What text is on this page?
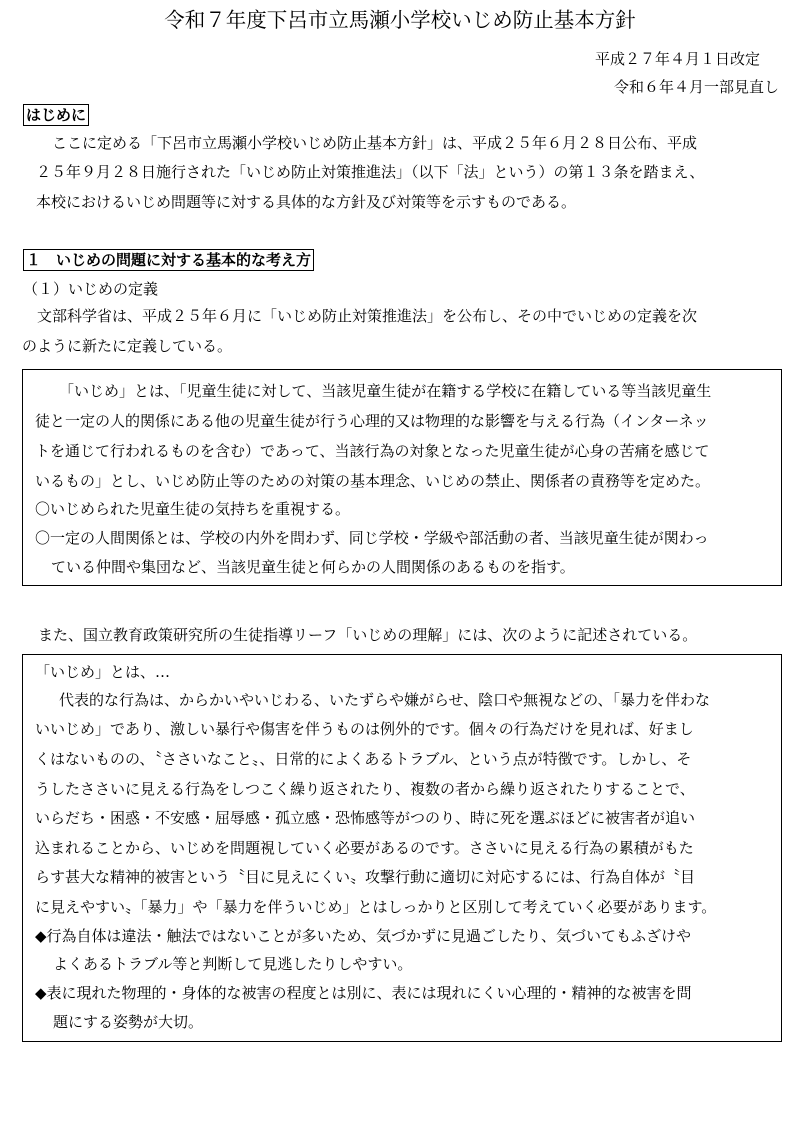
令和７年度下呂市立馬瀬小学校いじめ防止基本方針
平成２７年４月１日改定
令和６年４月一部見直し
はじめに
ここに定める「下呂市立馬瀬小学校いじめ防止基本方針」は、平成２５年６月２８日公布、平成
２５年９月２８日施行された「いじめ防止対策推進法」（以下「法」という）の第１３条を踏まえ、
本校におけるいじめ問題等に対する具体的な方針及び対策等を示すものである。
１　いじめの問題に対する基本的な考え方
（１）いじめの定義
文部科学省は、平成２５年６月に「いじめ防止対策推進法」を公布し、その中でいじめの定義を次
のように新たに定義している。
「いじめ」とは、「児童生徒に対して、当該児童生徒が在籍する学校に在籍している等当該児童生
徒と一定の人的関係にある他の児童生徒が行う心理的又は物理的な影響を与える行為（インターネッ
トを通じて行われるものを含む）であって、当該行為の対象となった児童生徒が心身の苦痛を感じて
いるもの」とし、いじめ防止等のための対策の基本理念、いじめの禁止、関係者の責務等を定めた。
〇いじめられた児童生徒の気持ちを重視する。
〇一定の人間関係とは、学校の内外を問わず、同じ学校・学級や部活動の者、当該児童生徒が関わっ
ている仲間や集団など、当該児童生徒と何らかの人間関係のあるものを指す。
また、国立教育政策研究所の生徒指導リーフ「いじめの理解」には、次のように記述されている。
「いじめ」とは、…
代表的な行為は、からかいやいじわる、いたずらや嫌がらせ、陰口や無視などの、「暴力を伴わな
いいじめ」であり、激しい暴行や傷害を伴うものは例外的です。個々の行為だけを見れば、好まし
くはないものの、〝ささいなこと〟、日常的によくあるトラブル、という点が特徴です。しかし、そ
うしたささいに見える行為をしつこく繰り返されたり、複数の者から繰り返されたりすることで、
いらだち・困惑・不安感・屈辱感・孤立感・恐怖感等がつのり、時に死を選ぶほどに被害者が追い
込まれることから、いじめを問題視していく必要があるのです。ささいに見える行為の累積がもた
らす甚大な精神的被害という〝目に見えにくい〟攻撃行動に適切に対応するには、行為自体が〝目
に見えやすい〟「暴力」や「暴力を伴ういじめ」とはしっかりと区別して考えていく必要があります。
◆行為自体は違法・触法ではないことが多いため、気づかずに見過ごしたり、気づいてもふざけや
よくあるトラブル等と判断して見逃したりしやすい。
◆表に現れた物理的・身体的な被害の程度とは別に、表には現れにくい心理的・精神的な被害を問
題にする姿勢が大切。
